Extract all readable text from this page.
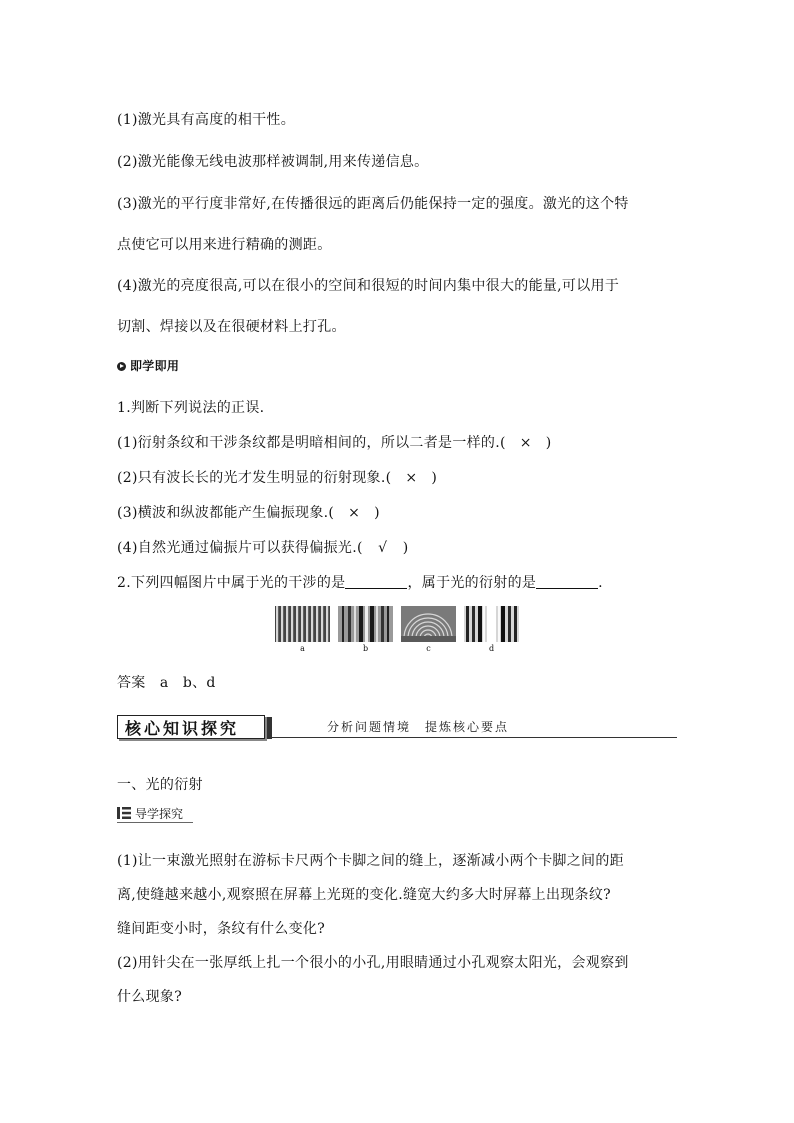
(1)激光具有高度的相干性。
(2)激光能像无线电波那样被调制,用来传递信息。
(3)激光的平行度非常好,在传播很远的距离后仍能保持一定的强度。激光的这个特
点使它可以用来进行精确的测距。
(4)激光的亮度很高,可以在很小的空间和很短的时间内集中很大的能量,可以用于
切割、焊接以及在很硬材料上打孔。
即学即用
1.判断下列说法的正误.
(1)衍射条纹和干涉条纹都是明暗相间的，所以二者是一样的.( × )
(2)只有波长长的光才发生明显的衍射现象.( × )
(3)横波和纵波都能产生偏振现象.( × )
(4)自然光通过偏振片可以获得偏振光.( √ )
2.下列四幅图片中属于光的干涉的是	，属于光的衍射的是	.
a	b	c	d
答案　 a　b、d
核心知识探究	分析问题情境　提炼核心要点
一、光的衍射
导学探究
(1)让一束激光照射在游标卡尺两个卡脚之间的缝上，逐渐减小两个卡脚之间的距
离,使缝越来越小,观察照在屏幕上光斑的变化.缝宽大约多大时屏幕上出现条纹?
缝间距变小时，条纹有什么变化?
(2)用针尖在一张厚纸上扎一个很小的小孔,用眼睛通过小孔观察太阳光，会观察到
什么现象?
